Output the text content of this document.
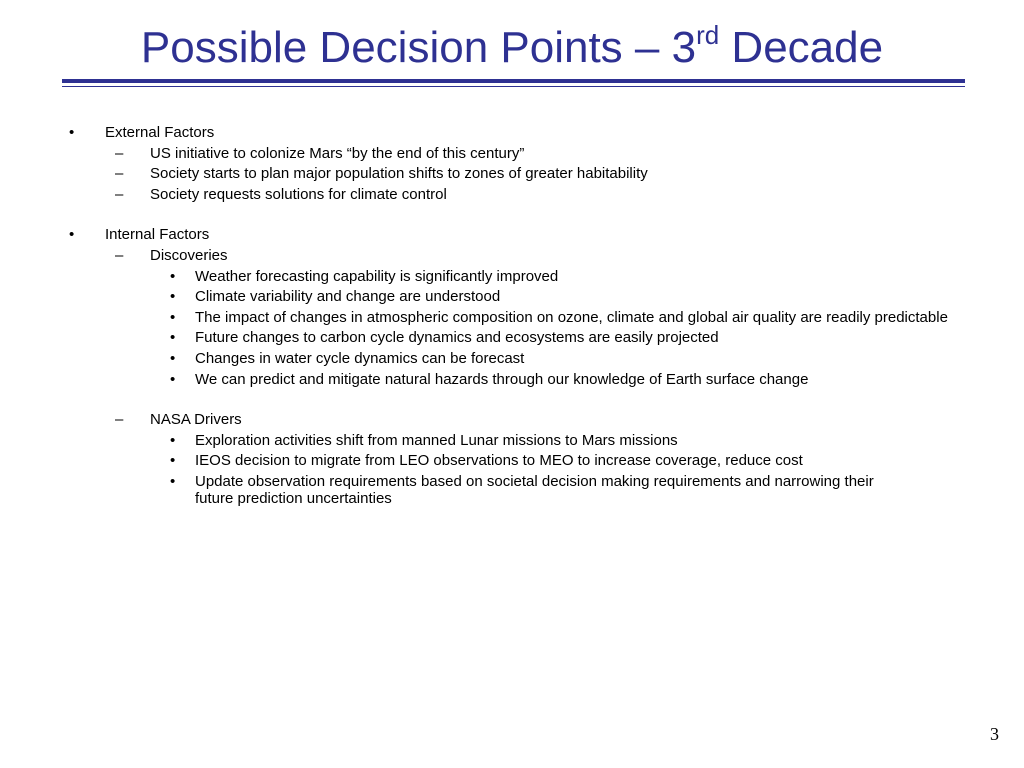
Possible Decision Points – 3rd Decade
• External Factors
– US initiative to colonize Mars “by the end of this century”
– Society starts to plan major population shifts to zones of greater habitability
– Society requests solutions for climate control
• Internal Factors
– Discoveries
• Weather forecasting capability is significantly improved
• Climate variability and change are understood
• The impact of changes in atmospheric composition on ozone, climate and global air quality are readily predictable
• Future changes to carbon cycle dynamics and ecosystems are easily projected
• Changes in water cycle dynamics can be forecast
• We can predict and mitigate natural hazards through our knowledge of Earth surface change
– NASA Drivers
• Exploration activities shift from manned Lunar missions to Mars missions
• IEOS decision to migrate from LEO observations to MEO to increase coverage, reduce cost
• Update observation requirements based on societal decision making requirements and narrowing their future prediction uncertainties
3
